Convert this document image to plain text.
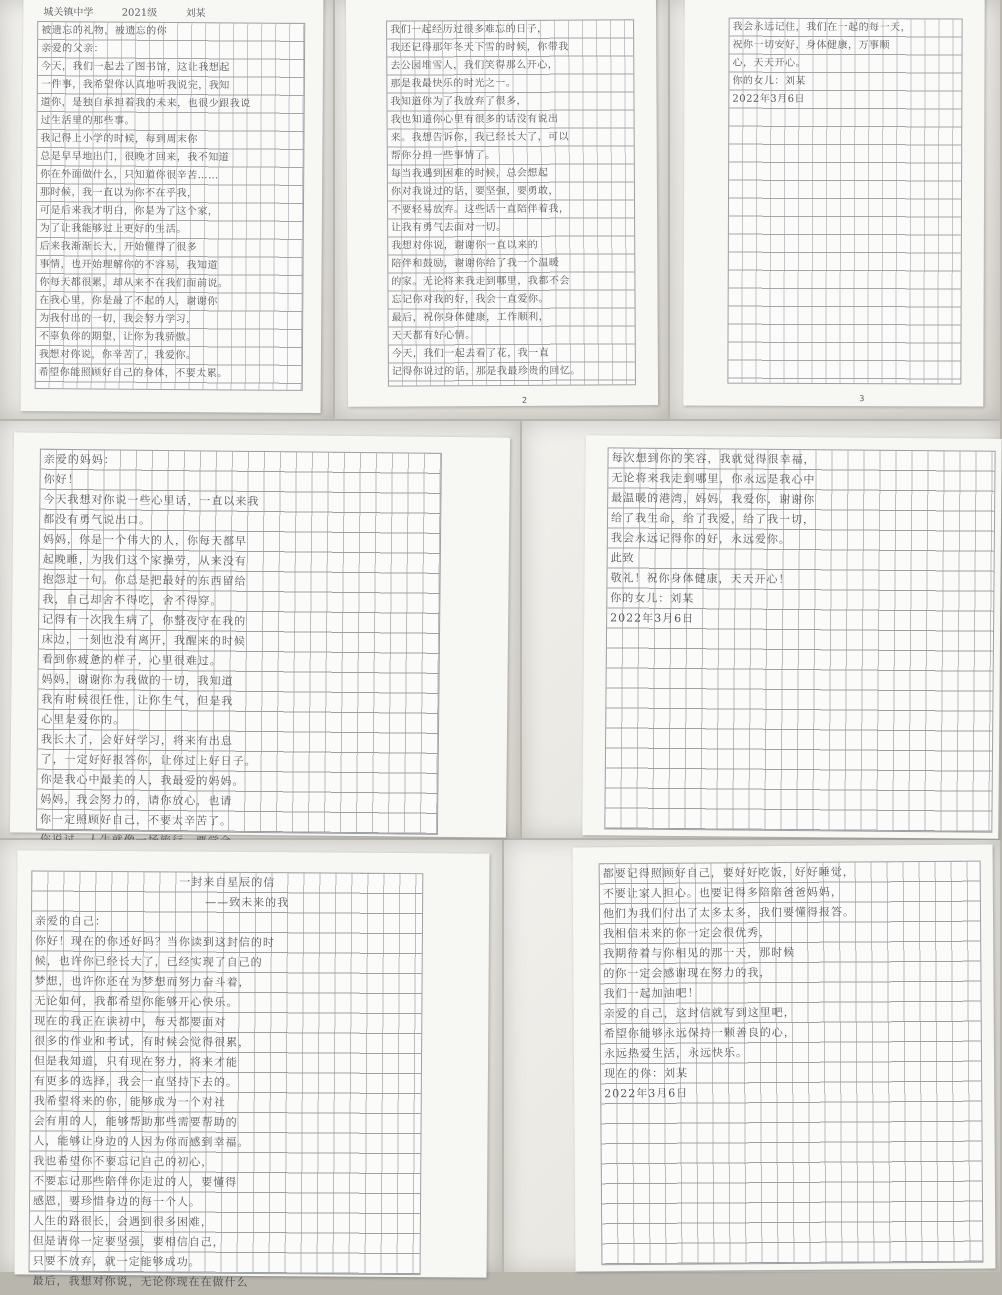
城关镇中学	2021级	刘某
被遗忘的礼物，被遗忘的你
亲爱的父亲：
今天，我们一起去了图书馆，这让我想起
一件事，我希望你认真地听我说完，我知
道你，是独自承担着我的未来，也很少跟我说
过生活里的那些事。
我记得上小学的时候，每到周末你
总是早早地出门，很晚才回来，我不知道
你在外面做什么，只知道你很辛苦……
那时候，我一直以为你不在乎我，
可是后来我才明白，你是为了这个家，
为了让我能够过上更好的生活。
后来我渐渐长大，开始懂得了很多
事情，也开始理解你的不容易，我知道
你每天都很累，却从来不在我们面前说。
在我心里，你是最了不起的人，谢谢你
为我付出的一切，我会努力学习，
不辜负你的期望，让你为我骄傲。
我想对你说，你辛苦了，我爱你。
希望你能照顾好自己的身体，不要太累。
我们一起经历过很多难忘的日子，
我还记得那年冬天下雪的时候，你带我
去公园堆雪人，我们笑得那么开心，
那是我最快乐的时光之一。
我知道你为了我放弃了很多，
我也知道你心里有很多的话没有说出
来。我想告诉你，我已经长大了，可以
帮你分担一些事情了。
每当我遇到困难的时候，总会想起
你对我说过的话，要坚强，要勇敢，
不要轻易放弃。这些话一直陪伴着我，
让我有勇气去面对一切。
我想对你说，谢谢你一直以来的
陪伴和鼓励，谢谢你给了我一个温暖
的家。无论将来我走到哪里，我都不会
忘记你对我的好，我会一直爱你。
最后，祝你身体健康，工作顺利，
天天都有好心情。
今天，我们一起去看了花，我一直
记得你说过的话，那是我最珍贵的回忆。
2
我会永远记住，我们在一起的每一天，
祝你一切安好，身体健康，万事顺
心，天天开心。
你的女儿：刘某
2022年3月6日
3
亲爱的妈妈：
你好！
今天我想对你说一些心里话，一直以来我
都没有勇气说出口。
妈妈，你是一个伟大的人，你每天都早
起晚睡，为我们这个家操劳，从来没有
抱怨过一句。你总是把最好的东西留给
我，自己却舍不得吃，舍不得穿。
记得有一次我生病了，你整夜守在我的
床边，一刻也没有离开，我醒来的时候
看到你疲惫的样子，心里很难过。
妈妈，谢谢你为我做的一切，我知道
我有时候很任性，让你生气，但是我
心里是爱你的。
我长大了，会好好学习，将来有出息
了，一定好好报答你，让你过上好日子。
你是我心中最美的人，我最爱的妈妈。
妈妈，我会努力的，请你放心，也请
你一定照顾好自己，不要太辛苦了。
每次想到你的笑容，我就觉得很幸福，
无论将来我走到哪里，你永远是我心中
最温暖的港湾，妈妈，我爱你，谢谢你
给了我生命，给了我爱，给了我一切，
我会永远记得你的好，永远爱你。
此致
敬礼！祝你身体健康，天天开心！
你的女儿：刘某
2022年3月6日
一封来自星辰的信
——致未来的我
亲爱的自己：
你好！现在的你还好吗？当你读到这封信的时
候，也许你已经长大了，已经实现了自己的
梦想，也许你还在为梦想而努力奋斗着，
无论如何，我都希望你能够开心快乐。
现在的我正在读初中，每天都要面对
很多的作业和考试，有时候会觉得很累，
但是我知道，只有现在努力，将来才能
有更多的选择，我会一直坚持下去的。
我希望将来的你，能够成为一个对社
会有用的人，能够帮助那些需要帮助的
人，能够让身边的人因为你而感到幸福。
我也希望你不要忘记自己的初心，
不要忘记那些陪伴你走过的人，要懂得
感恩，要珍惜身边的每一个人。
人生的路很长，会遇到很多困难，
但是请你一定要坚强，要相信自己，
只要不放弃，就一定能够成功。
最后，我想对你说，无论你现在在做什么
都要记得照顾好自己，要好好吃饭，好好睡觉，
不要让家人担心。也要记得多陪陪爸爸妈妈，
他们为我们付出了太多太多，我们要懂得报答。
我相信未来的你一定会很优秀，
我期待着与你相见的那一天，那时候
的你一定会感谢现在努力的我，
我们一起加油吧！
亲爱的自己，这封信就写到这里吧，
希望你能够永远保持一颗善良的心，
永远热爱生活，永远快乐。
现在的你：刘某
2022年3月6日
